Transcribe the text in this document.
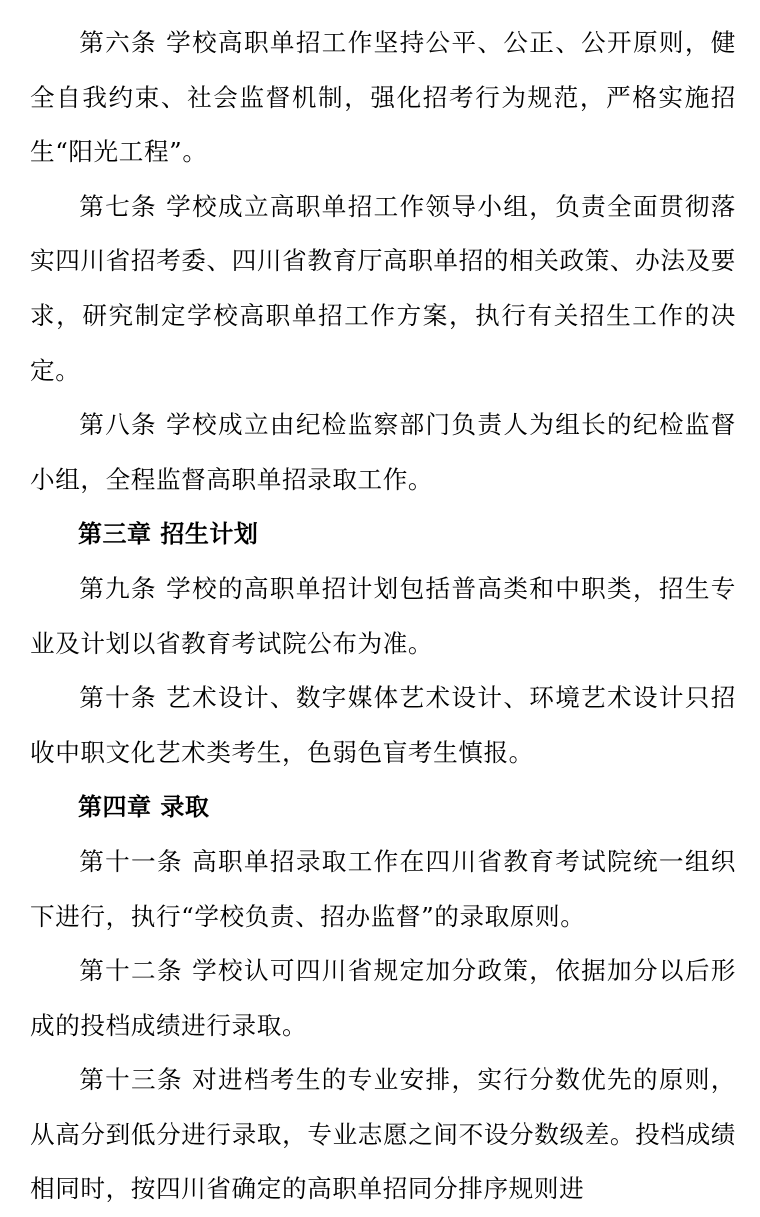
第六条 学校高职单招工作坚持公平、公正、公开原则，健全自我约束、社会监督机制，强化招考行为规范，严格实施招生“阳光工程”。

第七条 学校成立高职单招工作领导小组，负责全面贯彻落实四川省招考委、四川省教育厅高职单招的相关政策、办法及要求，研究制定学校高职单招工作方案，执行有关招生工作的决定。

第八条 学校成立由纪检监察部门负责人为组长的纪检监督小组，全程监督高职单招录取工作。

第三章 招生计划

第九条 学校的高职单招计划包括普高类和中职类，招生专业及计划以省教育考试院公布为准。

第十条 艺术设计、数字媒体艺术设计、环境艺术设计只招收中职文化艺术类考生，色弱色盲考生慎报。

第四章 录取

第十一条 高职单招录取工作在四川省教育考试院统一组织下进行，执行“学校负责、招办监督”的录取原则。

第十二条 学校认可四川省规定加分政策，依据加分以后形成的投档成绩进行录取。

第十三条 对进档考生的专业安排，实行分数优先的原则，从高分到低分进行录取，专业志愿之间不设分数级差。投档成绩相同时，按四川省确定的高职单招同分排序规则进
